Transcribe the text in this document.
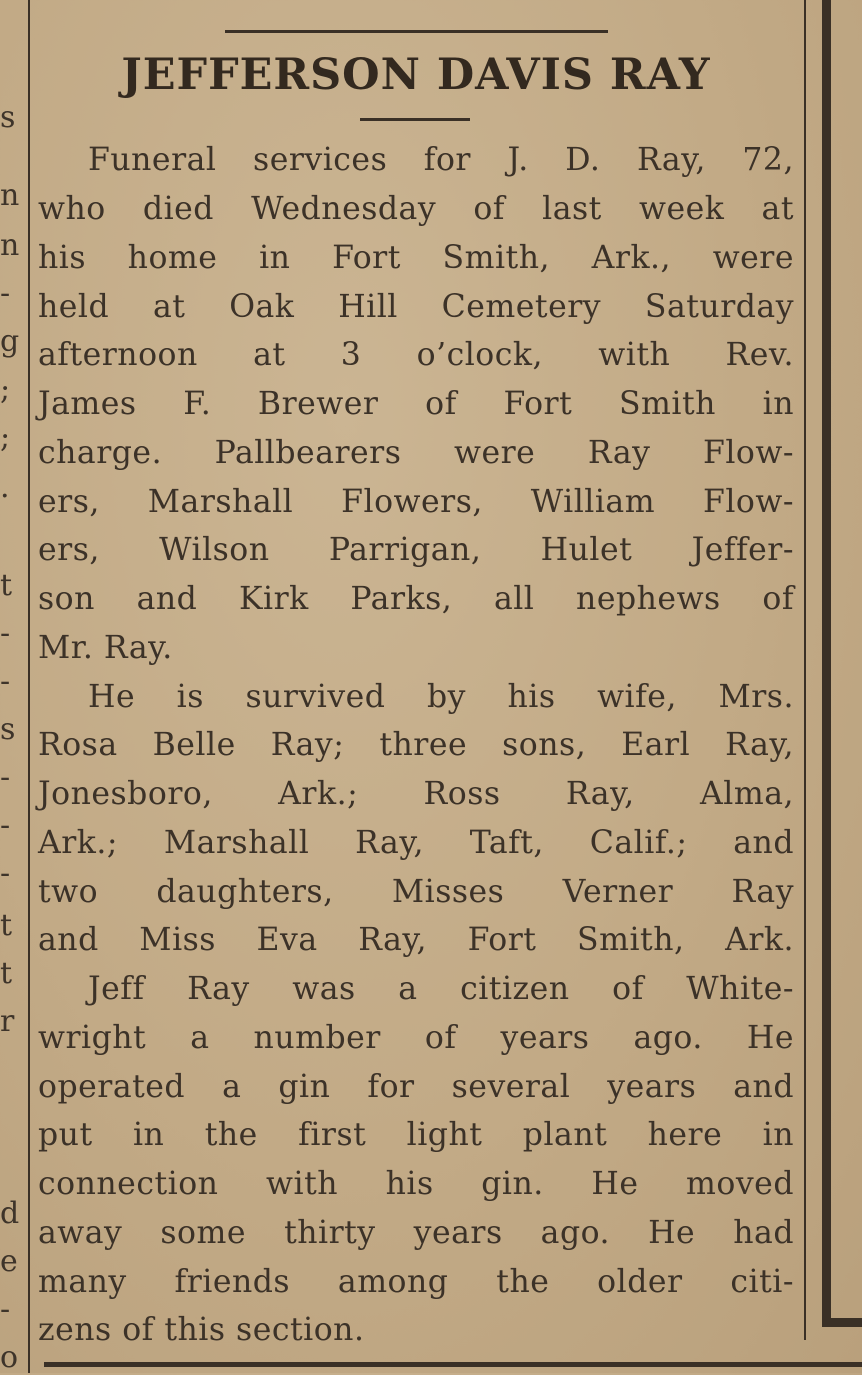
s
n
n
-
g
;
;
.
t
-
-
s
-
-
-
t
t
r
d
e
-
o
JEFFERSON DAVIS RAY
Funeral services for J. D. Ray, 72,
who died Wednesday of last week at
his home in Fort Smith, Ark., were
held at Oak Hill Cemetery Saturday
afternoon at 3 o’clock, with Rev.
James F. Brewer of Fort Smith in
charge. Pallbearers were Ray Flow-
ers, Marshall Flowers, William Flow-
ers, Wilson Parrigan, Hulet Jeffer-
son and Kirk Parks, all nephews of
Mr. Ray.
He is survived by his wife, Mrs.
Rosa Belle Ray; three sons, Earl Ray,
Jonesboro, Ark.; Ross Ray, Alma,
Ark.; Marshall Ray, Taft, Calif.; and
two daughters, Misses Verner Ray
and Miss Eva Ray, Fort Smith, Ark.
Jeff Ray was a citizen of White-
wright a number of years ago. He
operated a gin for several years and
put in the first light plant here in
connection with his gin. He moved
away some thirty years ago. He had
many friends among the older citi-
zens of this section.
